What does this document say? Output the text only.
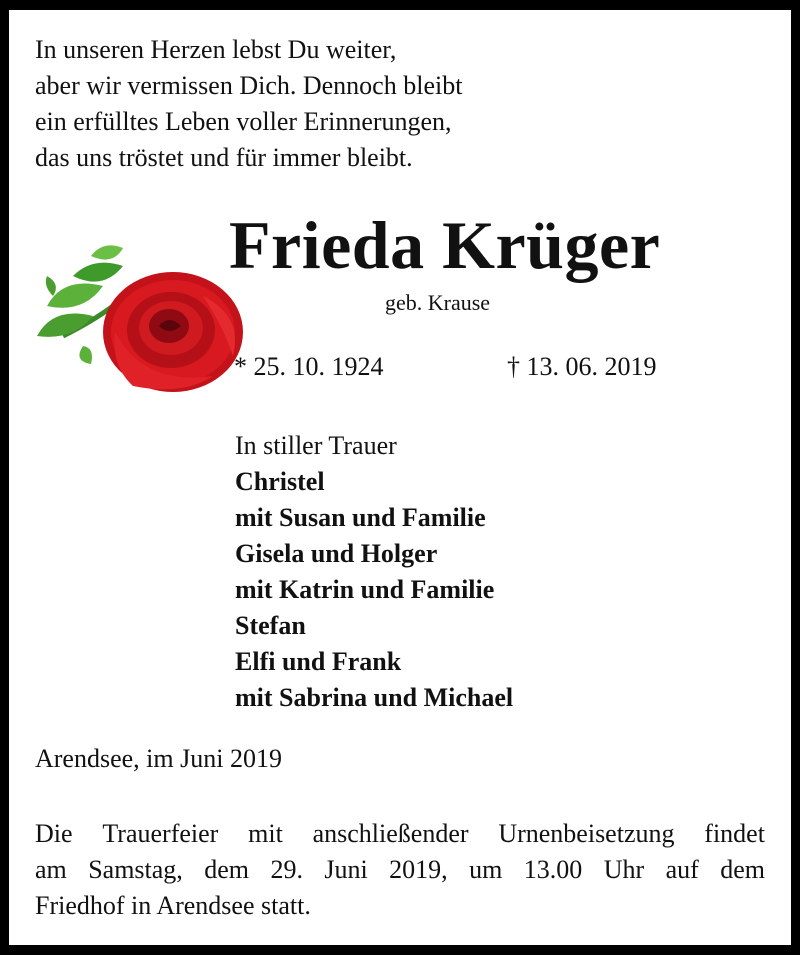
In unseren Herzen lebst Du weiter,
aber wir vermissen Dich. Dennoch bleibt
ein erfülltes Leben voller Erinnerungen,
das uns tröstet und für immer bleibt.
Frieda Krüger
geb. Krause
* 25. 10. 1924	† 13. 06. 2019
In stiller Trauer
Christel
mit Susan und Familie
Gisela und Holger
mit Katrin und Familie
Stefan
Elfi und Frank
mit Sabrina und Michael
Arendsee, im Juni 2019
Die Trauerfeier mit anschließender Urnenbeisetzung findet
am Samstag, dem 29. Juni 2019, um 13.00 Uhr auf dem
Friedhof in Arendsee statt.
